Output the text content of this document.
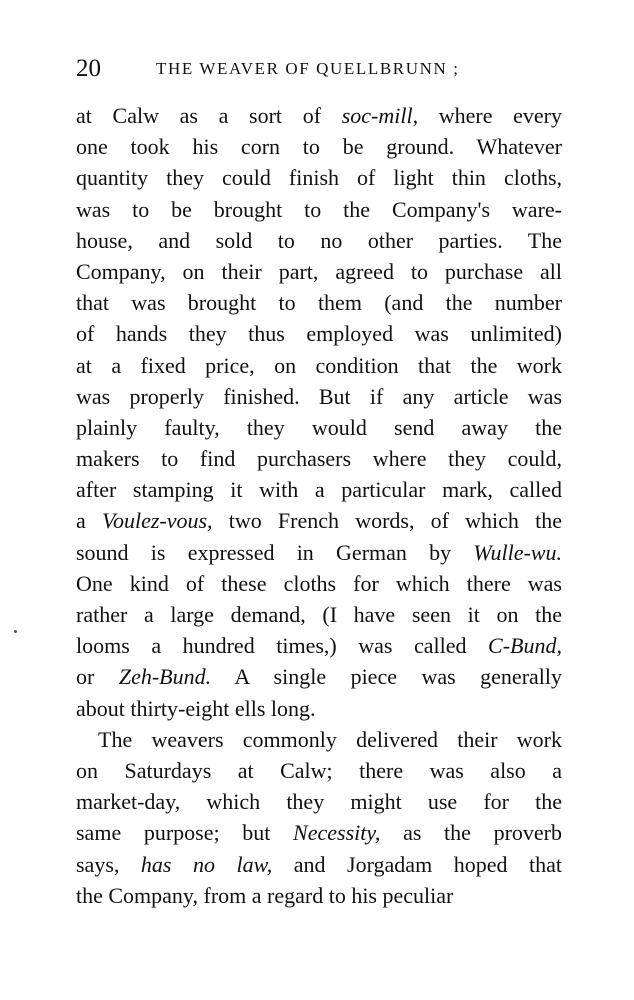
20	THE WEAVER OF QUELLBRUNN ;
at Calw as a sort of soc-mill, where every
one took his corn to be ground. Whatever
quantity they could finish of light thin cloths,
was to be brought to the Company's ware-
house, and sold to no other parties. The
Company, on their part, agreed to purchase all
that was brought to them (and the number
of hands they thus employed was unlimited)
at a fixed price, on condition that the work
was properly finished. But if any article was
plainly faulty, they would send away the
makers to find purchasers where they could,
after stamping it with a particular mark, called
a Voulez-vous, two French words, of which the
sound is expressed in German by Wulle-wu.
One kind of these cloths for which there was
rather a large demand, (I have seen it on the
looms a hundred times,) was called C-Bund,
or Zeh-Bund. A single piece was generally
about thirty-eight ells long.
The weavers commonly delivered their work
on Saturdays at Calw; there was also a
market-day, which they might use for the
same purpose; but Necessity, as the proverb
says, has no law, and Jorgadam hoped that
the Company, from a regard to his peculiar
